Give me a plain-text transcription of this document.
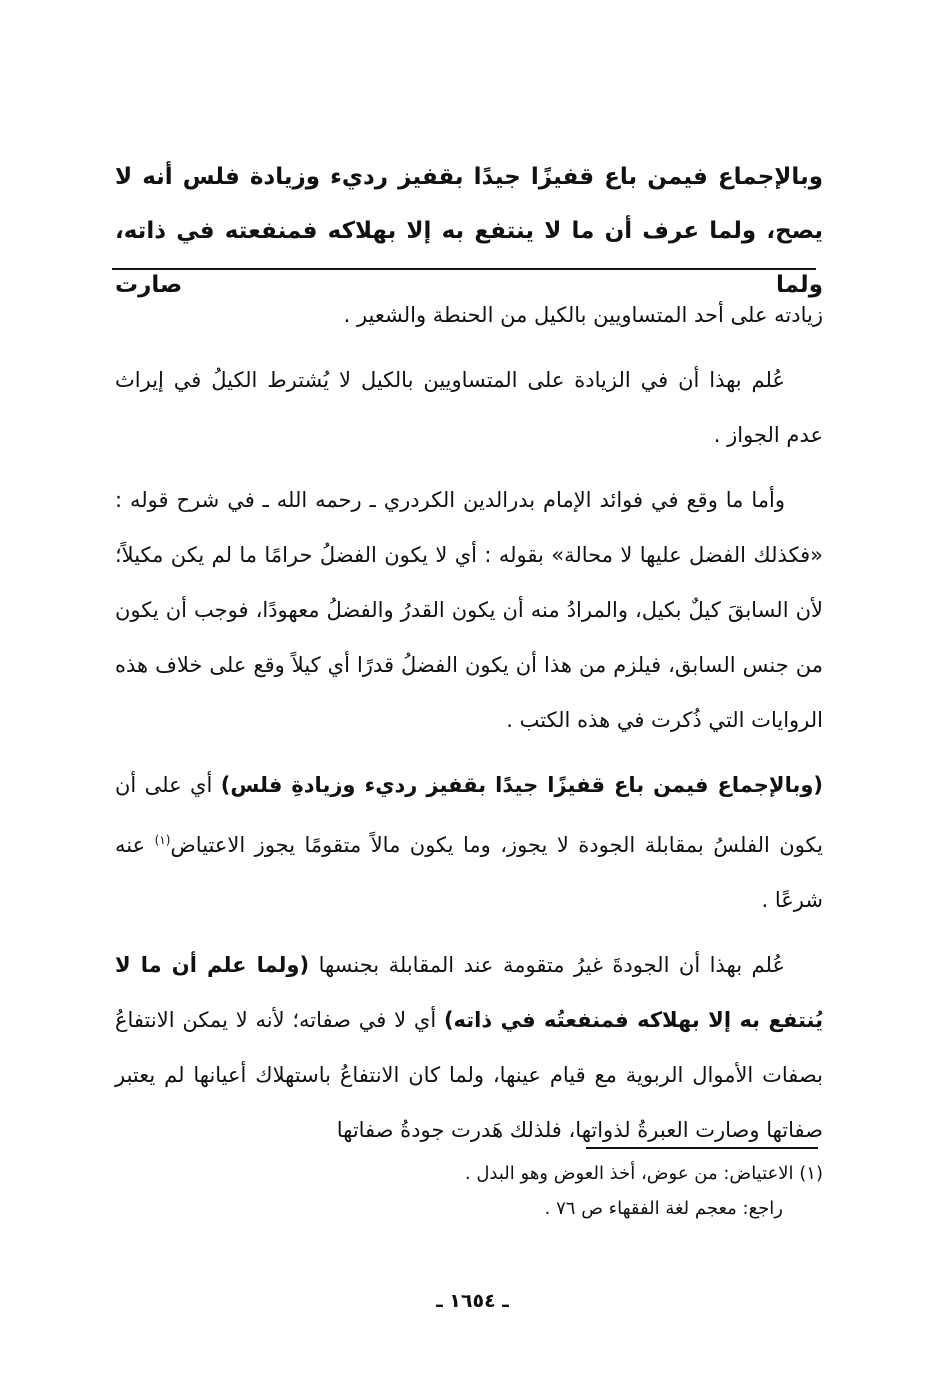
وبالإجماع فيمن باع قفيزًا جيدًا بقفيز رديء وزيادة فلس أنه لا

يصح، ولما عرف أن ما لا ينتفع به إلا بهلاكه فمنفعته في ذاته، ولما صارت

زيادته على أحد المتساويين بالكيل من الحنطة والشعير .

عُلم بهذا أن في الزيادة على المتساويين بالكيل لا يُشترط الكيلُ في إيراث عدم الجواز .

وأما ما وقع في فوائد الإمام بدرالدين الكردري ـ رحمه الله ـ في شرح قوله : «فكذلك الفضل عليها لا محالة» بقوله : أي لا يكون الفضلُ حرامًا ما لم يكن مكيلاً؛ لأن السابقَ كيلٌ بكيل، والمرادُ منه أن يكون القدرُ والفضلُ معهودًا، فوجب أن يكون من جنس السابق، فيلزم من هذا أن يكون الفضلُ قدرًا أي كيلاً وقع على خلاف هذه الروايات التي ذُكرت في هذه الكتب .

(وبالإجماع فيمن باع قفيزًا جيدًا بقفيز رديء وزيادةِ فلس) أي على أن يكون الفلسُ بمقابلة الجودة لا يجوز، وما يكون مالاً متقومًا يجوز الاعتياض$^{(١)}$ عنه شرعًا .

عُلم بهذا أن الجودةَ غيرُ متقومة عند المقابلة بجنسها (ولما علم أن ما لا يُنتفع به إلا بهلاكه فمنفعتُه في ذاته) أي لا في صفاته؛ لأنه لا يمكن الانتفاعُ بصفات الأموال الربوية مع قيام عينها، ولما كان الانتفاعُ باستهلاك أعيانها لم يعتبر صفاتها وصارت العبرةُ لذواتها، فلذلك هَدرت جودةُ صفاتها

(١) الاعتياض: من عوض، أخذ العوض وهو البدل .

راجع: معجم لغة الفقهاء ص ٧٦ .

ـ ١٦٥٤ ـ
